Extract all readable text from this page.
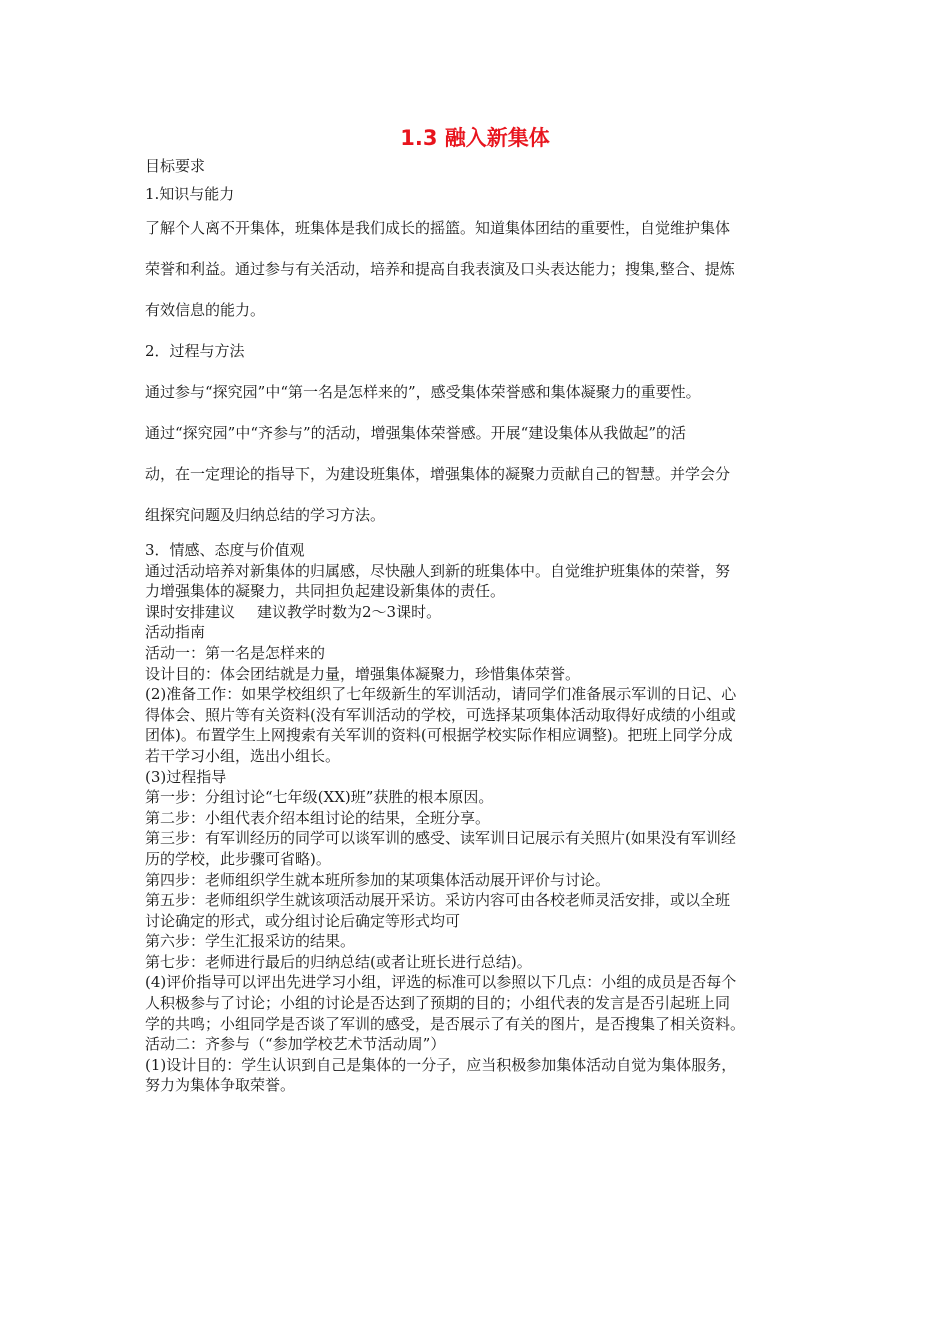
1.3 融入新集体

目标要求

1.知识与能力

了解个人离不开集体，班集体是我们成长的摇篮。知道集体团结的重要性，自觉维护集体

荣誉和利益。通过参与有关活动，培养和提高自我表演及口头表达能力；搜集,整合、提炼

有效信息的能力。

2．过程与方法

通过参与“探究园”中“第一名是怎样来的”，感受集体荣誉感和集体凝聚力的重要性。

通过“探究园”中“齐参与”的活动，增强集体荣誉感。开展“建设集体从我做起”的活

动，在一定理论的指导下，为建设班集体，增强集体的凝聚力贡献自己的智慧。并学会分

组探究问题及归纳总结的学习方法。

3．情感、态度与价值观

通过活动培养对新集体的归属感，尽快融人到新的班集体中。自觉维护班集体的荣誉，努

力增强集体的凝聚力，共同担负起建设新集体的责任。

课时安排建议 建议教学时数为2～3课时。

活动指南

活动一：第一名是怎样来的

设计目的：体会团结就是力量，增强集体凝聚力，珍惜集体荣誉。

(2)准备工作：如果学校组织了七年级新生的军训活动，请同学们准备展示军训的日记、心

得体会、照片等有关资料(没有军训活动的学校，可选择某项集体活动取得好成绩的小组或

团体)。布置学生上网搜索有关军训的资料(可根据学校实际作相应调整)。把班上同学分成

若干学习小组，选出小组长。

(3)过程指导

第一步：分组讨论“七年级(XX)班”获胜的根本原因。

第二步：小组代表介绍本组讨论的结果，全班分享。

第三步：有军训经历的同学可以谈军训的感受、读军训日记展示有关照片(如果没有军训经

历的学校，此步骤可省略)。

第四步：老师组织学生就本班所参加的某项集体活动展开评价与讨论。

第五步：老师组织学生就该项活动展开采访。采访内容可由各校老师灵活安排，或以全班

讨论确定的形式，或分组讨论后确定等形式均可

第六步：学生汇报采访的结果。

第七步：老师进行最后的归纳总结(或者让班长进行总结)。

(4)评价指导可以评出先进学习小组，评选的标准可以参照以下几点：小组的成员是否每个

人积极参与了讨论；小组的讨论是否达到了预期的目的；小组代表的发言是否引起班上同

学的共鸣；小组同学是否谈了军训的感受，是否展示了有关的图片，是否搜集了相关资料。

活动二：齐参与（“参加学校艺术节活动周”）

(1)设计目的：学生认识到自己是集体的一分子，应当积极参加集体活动自觉为集体服务，

努力为集体争取荣誉。
